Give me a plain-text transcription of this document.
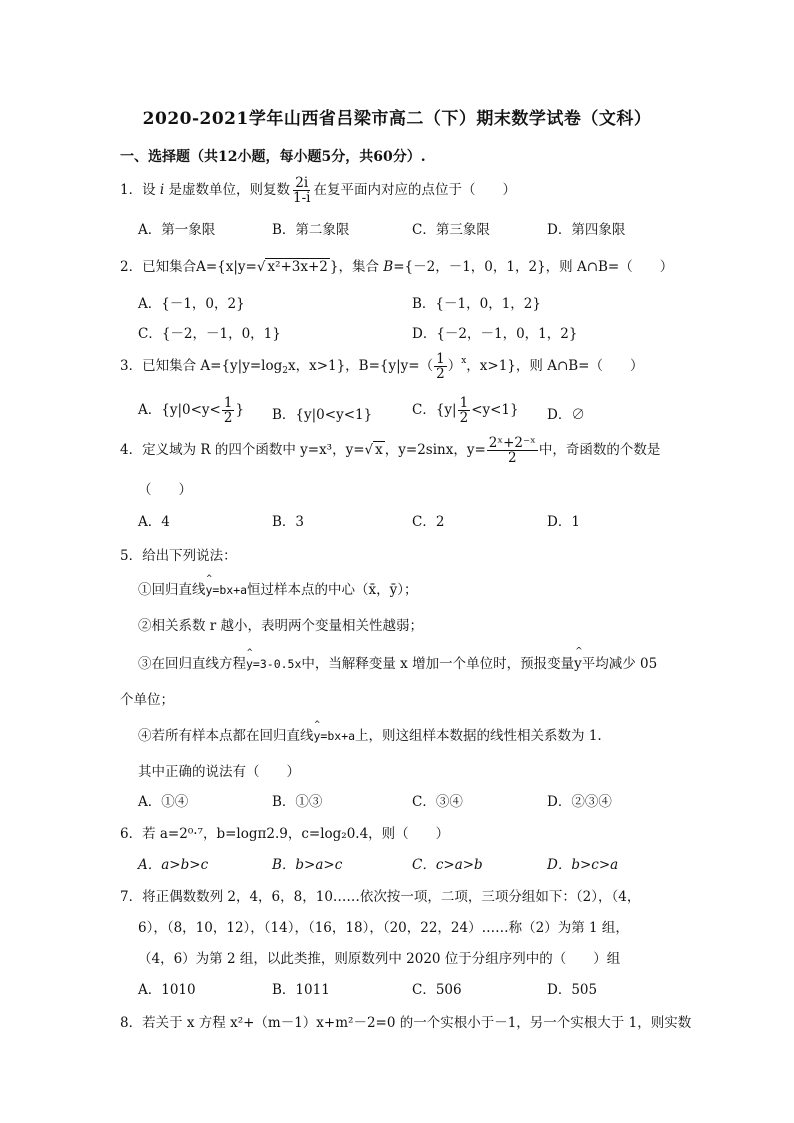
2020-2021学年山西省吕梁市高二（下）期末数学试卷（文科）
一、选择题（共12小题，每小题5分，共60分）.
1．设 i 是虚数单位，则复数 $\frac{2i}{1-i}$ 在复平面内对应的点位于（　　）
A．第一象限	B．第二象限	C．第三象限	D．第四象限
2．已知集合A={x|y=√ x²+3x+2 }，集合 B={－2，－1，0，1，2}，则 A∩B=（　　）
A．{－1，0，2}	B．{－1，0，1，2}
C．{－2，－1，0，1}	D．{－2，－1，0，1，2}
3．已知集合 $A=\{y|y=\log_2x$，x>1}，$B=\{y|y=( \frac{1}{2} )^x$，x>1}，则 A∩B=（　　）
A．{$y|0<y< \frac{1}{2}$ } B．{y|0<y<1}	C．$\{y| \frac{1}{2} <y<1\}$ D．∅
4．定义域为 R 的四个函数中 y=x³，y=√ x ，y=2sinx，$y= \frac{\text{2ˣ+2⁻ˣ}}{2}$ 中，奇函数的个数是
（　　）
A．4	B．3	C．2	D．1
5．给出下列说法：
①回归直线^ y=bx+a恒过样本点的中心（x̄，ȳ）；
②相关系数 r 越小，表明两个变量相关性越弱；
③在回归直线方程^ y=3-0.5x中，当解释变量 x 增加一个单位时，预报变量^ y平均减少 05
个单位；
④若所有样本点都在回归直线^ y=bx+a上，则这组样本数据的线性相关系数为 1.
其中正确的说法有（　　）
A．①④	B．①③	C．③④	D．②③④
6．若 a=2⁰·⁷，b=logπ2.9，c=log₂0.4，则（　　）
A．a>b>c	B．b>a>c	C．c>a>b	D．b>c>a
7．将正偶数数列 2，4，6，8，10……依次按一项，二项，三项分组如下：（2），（4，
6），（8，10，12），（14），（16，18），（20，22，24）……称（2）为第 1 组，
（4，6）为第 2 组，以此类推，则原数列中 2020 位于分组序列中的（　　）组
A．1010	B．1011	C．506	D．505
8．若关于 x 方程 x²+（m－1）x+m²－2=0 的一个实根小于－1，另一个实根大于 1，则实数
